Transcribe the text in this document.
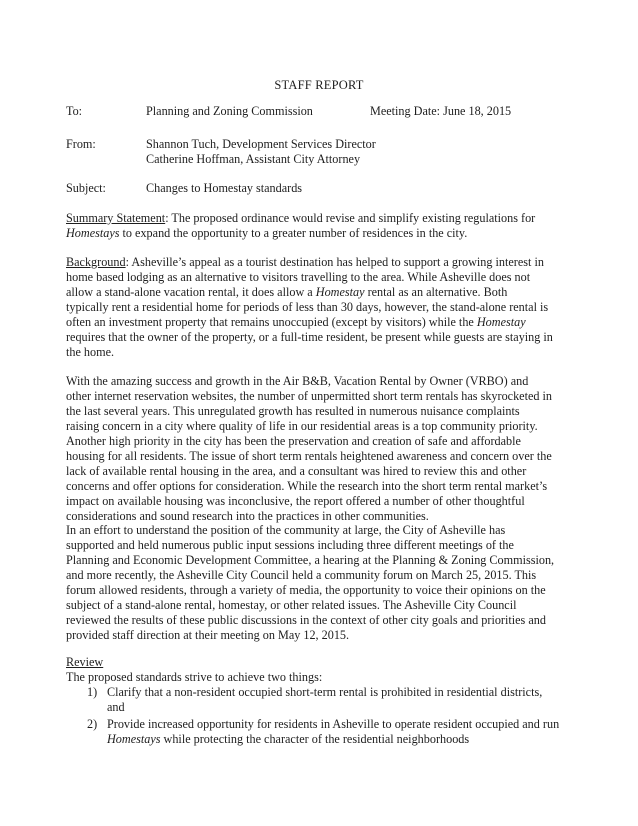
STAFF REPORT
To:	Planning and Zoning Commission	Meeting Date: June 18, 2015
From:	Shannon Tuch, Development Services Director
Catherine Hoffman, Assistant City Attorney
Subject:	Changes to Homestay standards
Summary Statement: The proposed ordinance would revise and simplify existing regulations for
Homestays to expand the opportunity to a greater number of residences in the city.
Background: Asheville’s appeal as a tourist destination has helped to support a growing interest in
home based lodging as an alternative to visitors travelling to the area. While Asheville does not
allow a stand-alone vacation rental, it does allow a Homestay rental as an alternative. Both
typically rent a residential home for periods of less than 30 days, however, the stand-alone rental is
often an investment property that remains unoccupied (except by visitors) while the Homestay
requires that the owner of the property, or a full-time resident, be present while guests are staying in
the home.
With the amazing success and growth in the Air B&B, Vacation Rental by Owner (VRBO) and
other internet reservation websites, the number of unpermitted short term rentals has skyrocketed in
the last several years. This unregulated growth has resulted in numerous nuisance complaints
raising concern in a city where quality of life in our residential areas is a top community priority.
Another high priority in the city has been the preservation and creation of safe and affordable
housing for all residents. The issue of short term rentals heightened awareness and concern over the
lack of available rental housing in the area, and a consultant was hired to review this and other
concerns and offer options for consideration. While the research into the short term rental market’s
impact on available housing was inconclusive, the report offered a number of other thoughtful
considerations and sound research into the practices in other communities.
In an effort to understand the position of the community at large, the City of Asheville has
supported and held numerous public input sessions including three different meetings of the
Planning and Economic Development Committee, a hearing at the Planning & Zoning Commission,
and more recently, the Asheville City Council held a community forum on March 25, 2015. This
forum allowed residents, through a variety of media, the opportunity to voice their opinions on the
subject of a stand-alone rental, homestay, or other related issues. The Asheville City Council
reviewed the results of these public discussions in the context of other city goals and priorities and
provided staff direction at their meeting on May 12, 2015.
Review
The proposed standards strive to achieve two things:
1) Clarify that a non-resident occupied short-term rental is prohibited in residential districts,
and
2) Provide increased opportunity for residents in Asheville to operate resident occupied and run
Homestays while protecting the character of the residential neighborhoods
